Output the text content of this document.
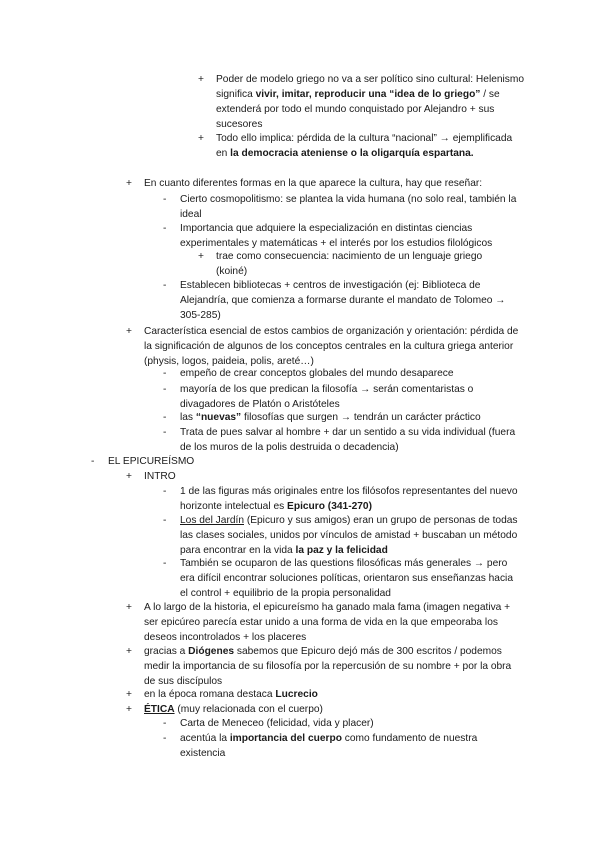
+ Poder de modelo griego no va a ser político sino cultural: Helenismo significa vivir, imitar, reproducir una “idea de lo griego” / se extenderá por todo el mundo conquistado por Alejandro + sus sucesores
+ Todo ello implica: pérdida de la cultura “nacional” → ejemplificada en la democracia ateniense o la oligarquía espartana.
+ En cuanto diferentes formas en la que aparece la cultura, hay que reseñar:
- Cierto cosmopolitismo: se plantea la vida humana (no solo real, también la ideal
- Importancia que adquiere la especialización en distintas ciencias experimentales y matemáticas + el interés por los estudios filológicos
+ trae como consecuencia: nacimiento de un lenguaje griego (koiné)
- Establecen bibliotecas + centros de investigación (ej: Biblioteca de Alejandría, que comienza a formarse durante el mandato de Tolomeo → 305-285)
+ Característica esencial de estos cambios de organización y orientación: pérdida de la significación de algunos de los conceptos centrales en la cultura griega anterior (physis, logos, paideia, polis, areté…)
- empeño de crear conceptos globales del mundo desaparece
- mayoría de los que predican la filosofía → serán comentaristas o divagadores de Platón o Aristóteles
- las “nuevas” filosofías que surgen → tendrán un carácter práctico
- Trata de pues salvar al hombre + dar un sentido a su vida individual (fuera de los muros de la polis destruida o decadencia)
- EL EPICUREÍSMO
+ INTRO
- 1 de las figuras más originales entre los filósofos representantes del nuevo horizonte intelectual es Epicuro (341-270)
- Los del Jardín (Epicuro y sus amigos) eran un grupo de personas de todas las clases sociales, unidos por vínculos de amistad + buscaban un método para encontrar en la vida la paz y la felicidad
- También se ocuparon de las questions filosóficas más generales → pero era difícil encontrar soluciones políticas, orientaron sus enseñanzas hacia el control + equilibrio de la propia personalidad
+ A lo largo de la historia, el epicureísmo ha ganado mala fama (imagen negativa + ser epicúreo parecía estar unido a una forma de vida en la que empeoraba los deseos incontrolados + los placeres
+ gracias a Diógenes sabemos que Epicuro dejó más de 300 escritos / podemos medir la importancia de su filosofía por la repercusión de su nombre + por la obra de sus discípulos
+ en la época romana destaca Lucrecio
+ ÉTICA (muy relacionada con el cuerpo)
- Carta de Meneceo (felicidad, vida y placer)
- acentúa la importancia del cuerpo como fundamento de nuestra existencia
